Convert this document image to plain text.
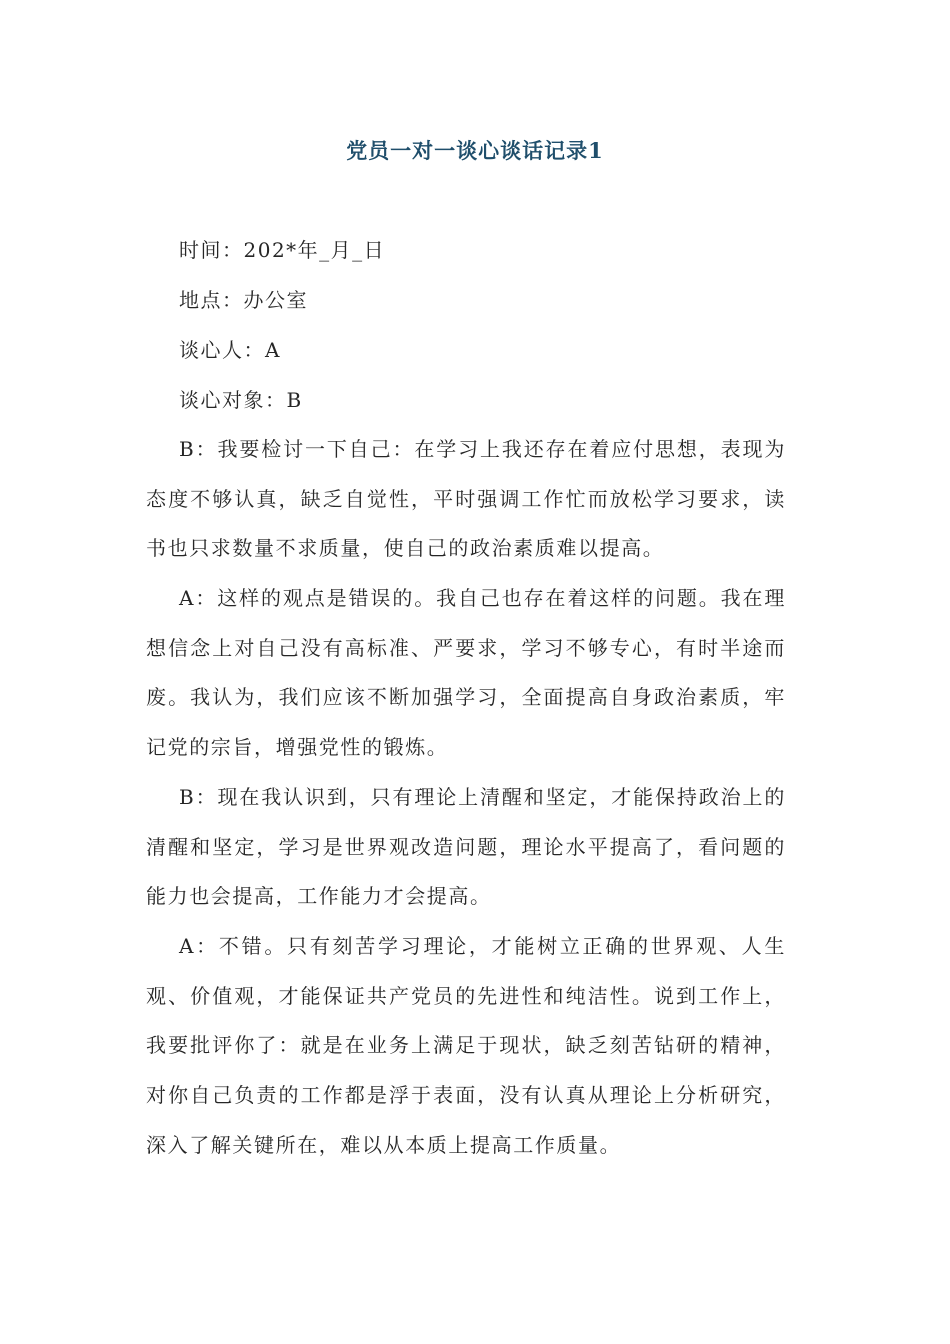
党员一对一谈心谈话记录1
时间：202*年_月_日
地点：办公室
谈心人：A
谈心对象：B

B：我要检讨一下自己：在学习上我还存在着应付思想，表现为态度不够认真，缺乏自觉性，平时强调工作忙而放松学习要求，读书也只求数量不求质量，使自己的政治素质难以提高。

A：这样的观点是错误的。我自己也存在着这样的问题。我在理想信念上对自己没有高标准、严要求，学习不够专心，有时半途而废。我认为，我们应该不断加强学习，全面提高自身政治素质，牢记党的宗旨，增强党性的锻炼。

B：现在我认识到，只有理论上清醒和坚定，才能保持政治上的清醒和坚定，学习是世界观改造问题，理论水平提高了，看问题的能力也会提高，工作能力才会提高。

A：不错。只有刻苦学习理论，才能树立正确的世界观、人生观、价值观，才能保证共产党员的先进性和纯洁性。说到工作上，我要批评你了：就是在业务上满足于现状，缺乏刻苦钻研的精神，对你自己负责的工作都是浮于表面，没有认真从理论上分析研究，深入了解关键所在，难以从本质上提高工作质量。
